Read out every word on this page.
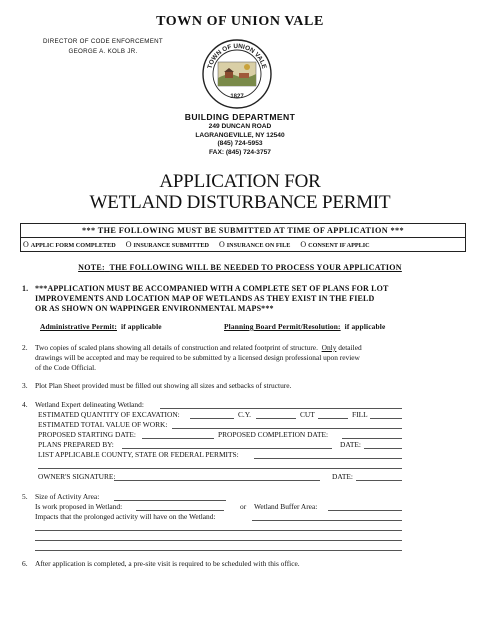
TOWN OF UNION VALE
DIRECTOR OF CODE ENFORCEMENT
GEORGE A. KOLB JR.
TOWN OF UNION VALE
1827
BUILDING DEPARTMENT
249 DUNCAN ROAD
LAGRANGEVILLE, NY 12540
(845) 724-5953
FAX: (845) 724-3757
APPLICATION FOR
WETLAND DISTURBANCE PERMIT
*** THE FOLLOWING MUST BE SUBMITTED AT TIME OF APPLICATION ***
O APPLIC FORM COMPLETED O INSURANCE SUBMITTED O INSURANCE ON FILE O CONSENT IF APPLIC
NOTE: THE FOLLOWING WILL BE NEEDED TO PROCESS YOUR APPLICATION
1. ***APPLICATION MUST BE ACCOMPANIED WITH A COMPLETE SET OF PLANS FOR LOT
IMPROVEMENTS AND LOCATION MAP OF WETLANDS AS THEY EXIST IN THE FIELD
OR AS SHOWN ON WAPPINGER ENVIRONMENTAL MAPS***
Administrative Permit: if applicable	Planning Board Permit/Resolution: if applicable
2. Two copies of scaled plans showing all details of construction and related footprint of structure. Only detailed
drawings will be accepted and may be required to be submitted by a licensed design professional upon review
of the Code Official.
3. Plot Plan Sheet provided must be filled out showing all sizes and setbacks of structure.
4. Wetland Expert delineating Wetland:
ESTIMATED QUANTITY OF EXCAVATION:	C.Y.	CUT	FILL
ESTIMATED TOTAL VALUE OF WORK:
PROPOSED STARTING DATE:	PROPOSED COMPLETION DATE:
PLANS PREPARED BY:	DATE:
LIST APPLICABLE COUNTY, STATE OR FEDERAL PERMITS:
OWNER'S SIGNATURE:	DATE:
5. Size of Activity Area:
Is work proposed in Wetland:	or Wetland Buffer Area:
Impacts that the prolonged activity will have on the Wetland:
6. After application is completed, a pre-site visit is required to be scheduled with this office.
